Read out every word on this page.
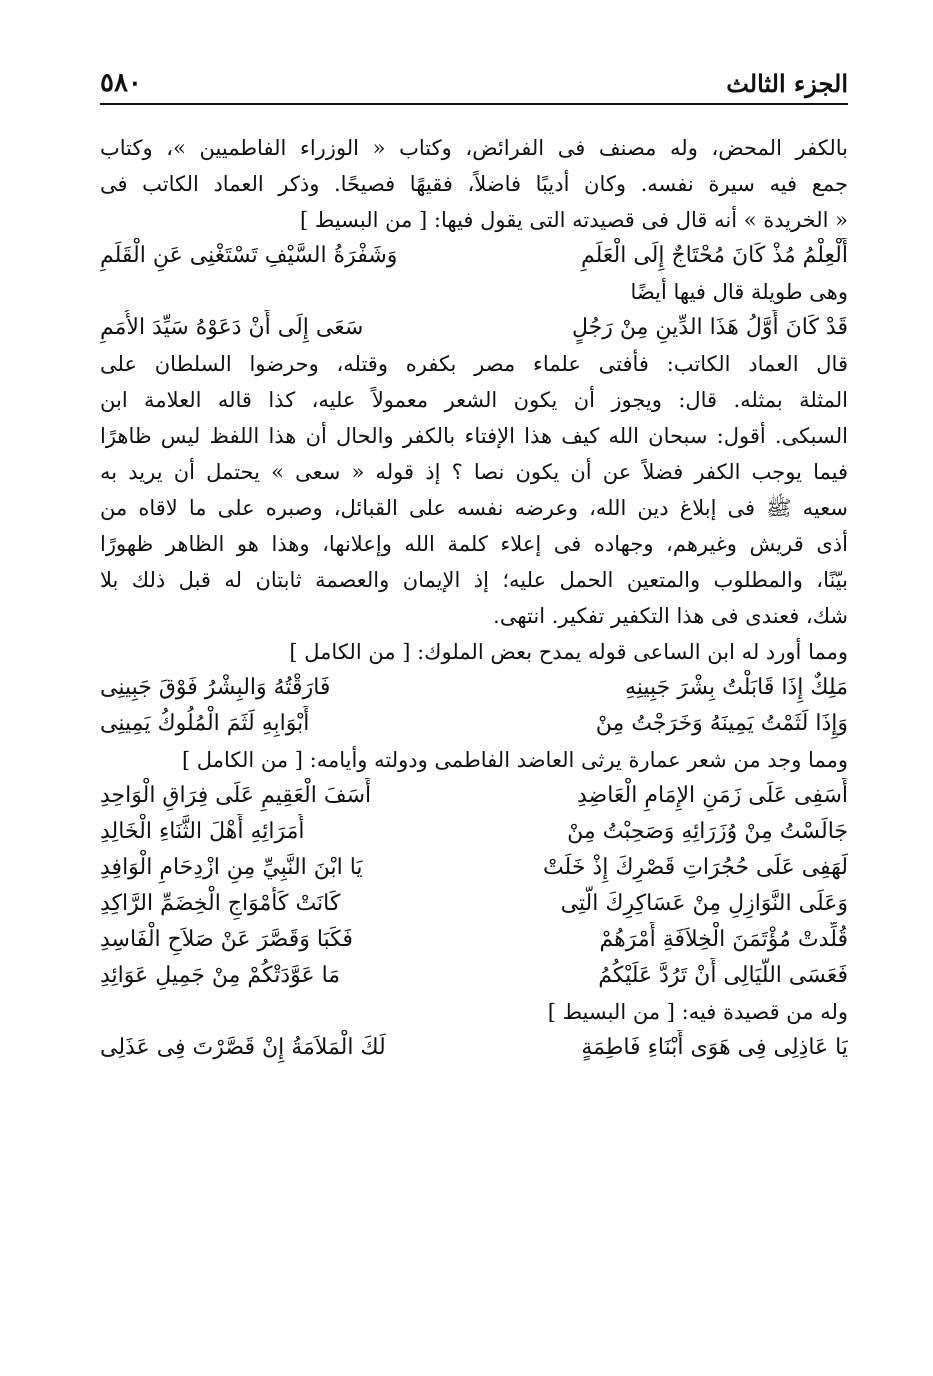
الجزء الثالث
٥٨٠
بالكفر المحض، وله مصنف فى الفرائض، وكتاب « الوزراء الفاطميين »، وكتاب
جمع فيه سيرة نفسه. وكان أديبًا فاضلاً، فقيهًا فصيحًا. وذكر العماد الكاتب فى
« الخريدة » أنه قال فى قصيدته التى يقول فيها: [ من البسيط ]
أَلْعِلْمُ مُذْ كَانَ مُحْتَاجٌ إِلَى الْعَلَمِ
وَشَفْرَةُ السَّيْفِ تَسْتَغْنِى عَنِ الْقَلَمِ
وهى طويلة قال فيها أيضًا
قَدْ كَانَ أَوَّلُ هَذَا الدِّينِ مِنْ رَجُلٍ
سَعَى إِلَى أَنْ دَعَوْهُ سَيِّدَ الأُمَمِ
قال العماد الكاتب: فأفتى علماء مصر بكفره وقتله، وحرضوا السلطان على
المثلة بمثله. قال: ويجوز أن يكون الشعر معمولاً عليه، كذا قاله العلامة ابن
السبكى. أقول: سبحان الله كيف هذا الإفتاء بالكفر والحال أن هذا اللفظ ليس ظاهرًا
فيما يوجب الكفر فضلاً عن أن يكون نصا ؟ إذ قوله « سعى » يحتمل أن يريد به
سعيه ﷺ فى إبلاغ دين الله، وعرضه نفسه على القبائل، وصبره على ما لاقاه من
أذى قريش وغيرهم، وجهاده فى إعلاء كلمة الله وإعلانها، وهذا هو الظاهر ظهورًا
بيّنًا، والمطلوب والمتعين الحمل عليه؛ إذ الإيمان والعصمة ثابتان له قبل ذلك بلا
شك، فعندى فى هذا التكفير تفكير. انتهى.
ومما أورد له ابن الساعى قوله يمدح بعض الملوك: [ من الكامل ]
مَلِكٌ إِذَا قَابَلْتُ بِشْرَ جَبِينِهِ
فَارَقْتُهُ وَالبِشْرُ فَوْقَ جَبِينِى
وَإِذَا لَثَمْتُ يَمِينَهُ وَخَرَجْتُ مِنْ
أَبْوَابِهِ لَثَمَ الْمُلُوكُ يَمِينِى
ومما وجد من شعر عمارة يرثى العاضد الفاطمى ودولته وأيامه: [ من الكامل ]
أَسَفِى عَلَى زَمَنِ الإِمَامِ الْعَاضِدِ
أَسَفَ الْعَقِيمِ عَلَى فِرَاقِ الْوَاحِدِ
جَالَسْتُ مِنْ وُزَرَائِهِ وَصَحِبْتُ مِنْ
أُمَرَائِهِ أَهْلَ الثَّنَاءِ الْخَالِدِ
لَهَفِى عَلَى حُجُرَاتِ قَصْرِكَ إِذْ خَلَتْ
يَا ابْنَ النَّبِيِّ مِنِ ازْدِحَامِ الْوَافِدِ
وَعَلَى النَّوَازِلِ مِنْ عَسَاكِرِكَ الَّتِى
كَانَتْ كَأَمْوَاجِ الْخِضَمِّ الرَّاكِدِ
قُلِّدتْ مُؤْتَمَنَ الْخِلاَفَةِ أَمْرَهُمْ
فَكَبَا وَقَصَّرَ عَنْ صَلاَحِ الْفَاسِدِ
فَعَسَى اللَّيَالِى أَنْ تَرُدَّ عَلَيْكُمُ
مَا عَوَّدَتْكُمْ مِنْ جَمِيلِ عَوَائِدِ
وله من قصيدة فيه: [ من البسيط ]
يَا عَاذِلِى فِى هَوَى أَبْنَاءِ فَاطِمَةٍ
لَكَ الْمَلاَمَةُ إِنْ قَصَّرْتَ فِى عَذَلِى
